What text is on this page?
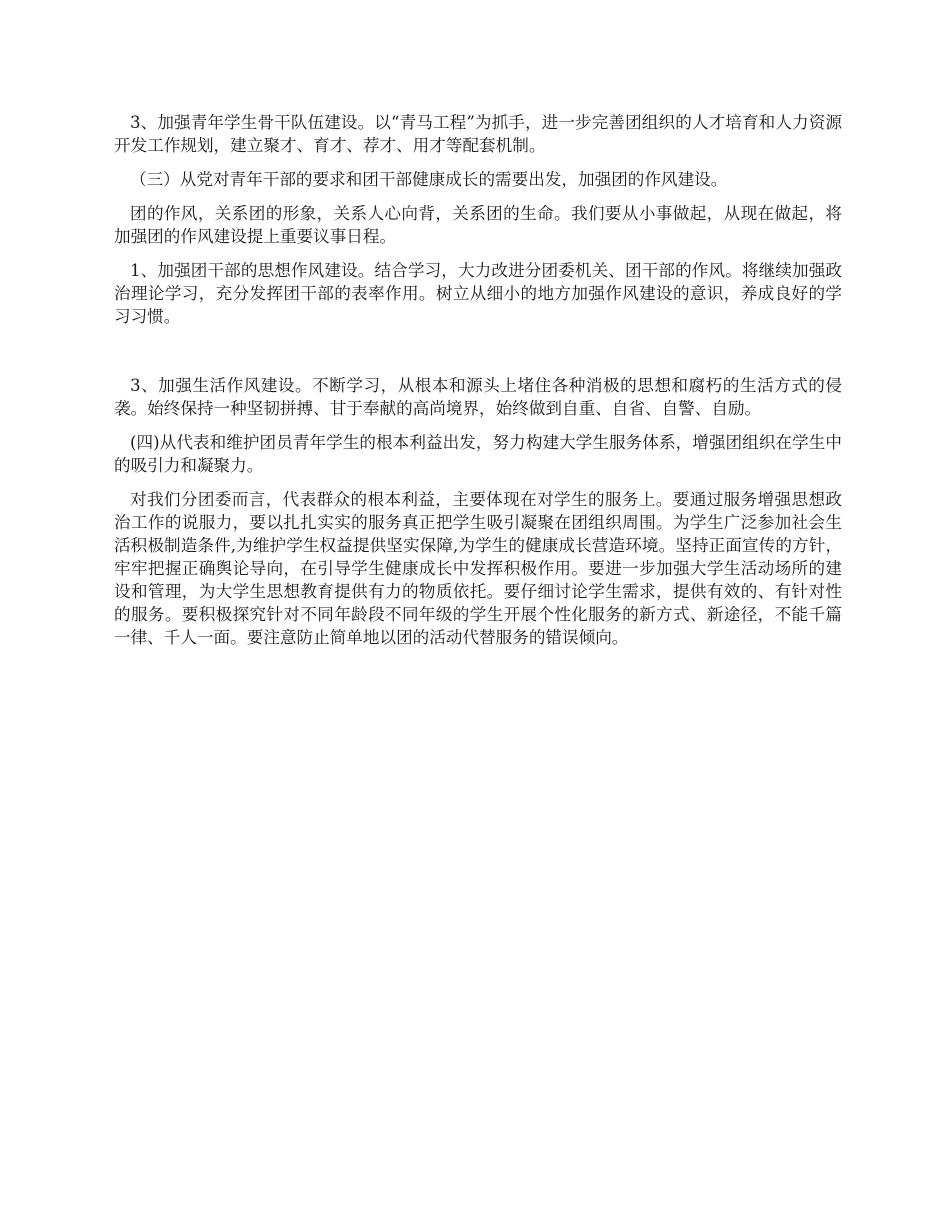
3、加强青年学生骨干队伍建设。以“青马工程”为抓手，进一步完善团组织的人才培育和人力资源开发工作规划，建立聚才、育才、荐才、用才等配套机制。

（三）从党对青年干部的要求和团干部健康成长的需要出发，加强团的作风建设。

团的作风，关系团的形象，关系人心向背，关系团的生命。我们要从小事做起，从现在做起，将加强团的作风建设提上重要议事日程。

1、加强团干部的思想作风建设。结合学习，大力改进分团委机关、团干部的作风。将继续加强政治理论学习，充分发挥团干部的表率作用。树立从细小的地方加强作风建设的意识，养成良好的学习习惯。

3、加强生活作风建设。不断学习，从根本和源头上堵住各种消极的思想和腐朽的生活方式的侵袭。始终保持一种坚韧拼搏、甘于奉献的高尚境界，始终做到自重、自省、自警、自励。

(四)从代表和维护团员青年学生的根本利益出发，努力构建大学生服务体系，增强团组织在学生中的吸引力和凝聚力。

对我们分团委而言，代表群众的根本利益，主要体现在对学生的服务上。要通过服务增强思想政治工作的说服力，要以扎扎实实的服务真正把学生吸引凝聚在团组织周围。为学生广泛参加社会生活积极制造条件,为维护学生权益提供坚实保障,为学生的健康成长营造环境。坚持正面宣传的方针，牢牢把握正确舆论导向，在引导学生健康成长中发挥积极作用。要进一步加强大学生活动场所的建设和管理，为大学生思想教育提供有力的物质依托。要仔细讨论学生需求，提供有效的、有针对性的服务。要积极探究针对不同年龄段不同年级的学生开展个性化服务的新方式、新途径，不能千篇一律、千人一面。要注意防止简单地以团的活动代替服务的错误倾向。
